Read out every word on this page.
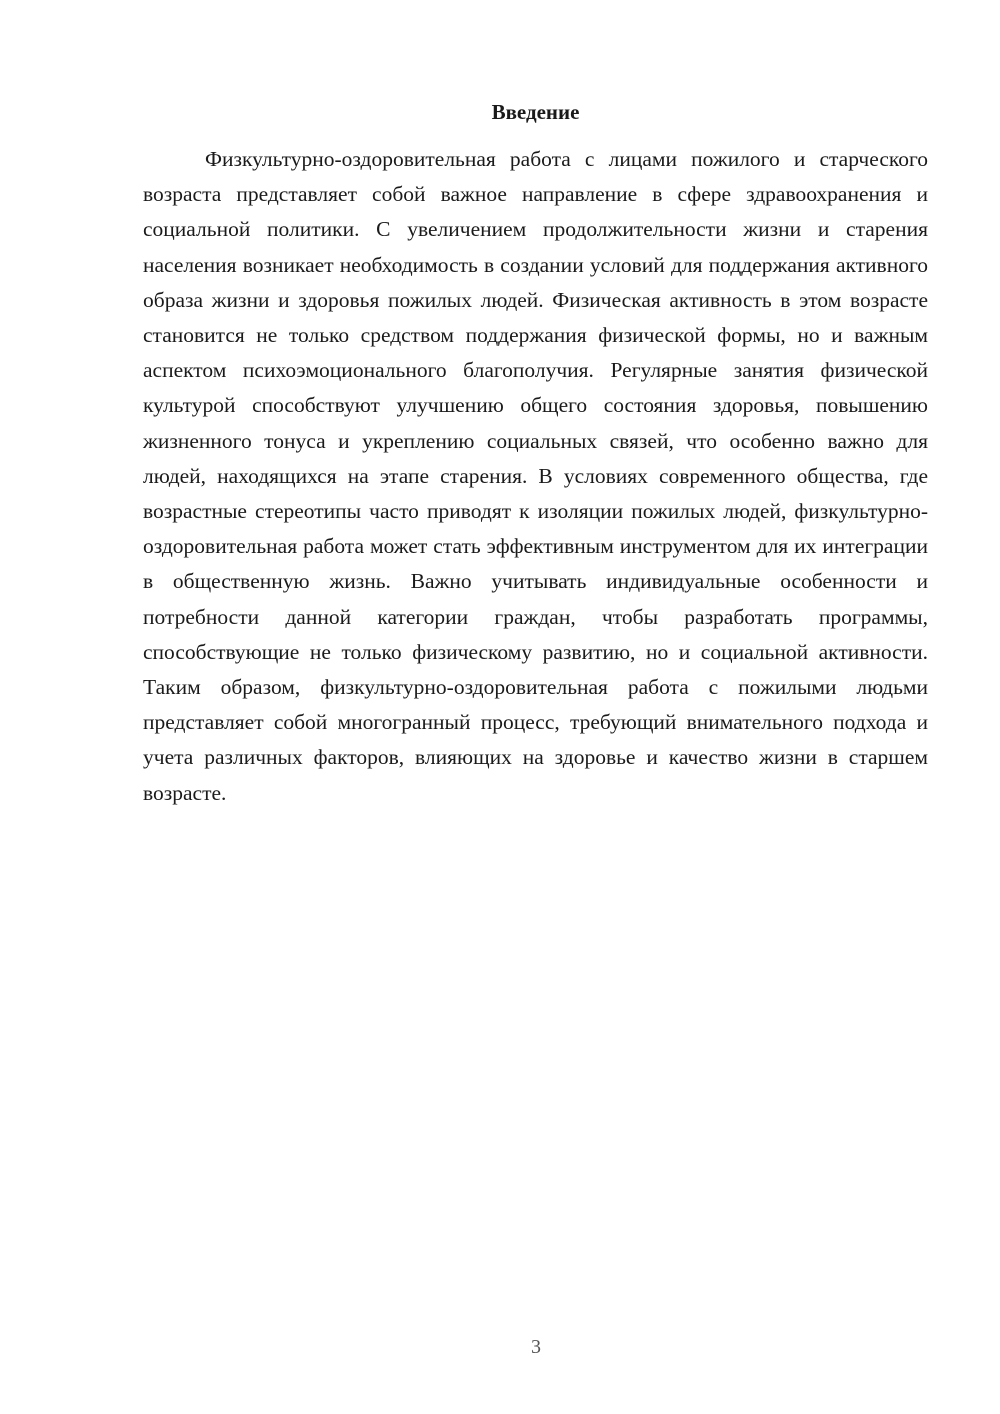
Введение

Физкультурно-оздоровительная работа с лицами пожилого и старческого возраста представляет собой важное направление в сфере здравоохранения и социальной политики. С увеличением продолжительности жизни и старения населения возникает необходимость в создании условий для поддержания активного образа жизни и здоровья пожилых людей. Физическая активность в этом возрасте становится не только средством поддержания физической формы, но и важным аспектом психоэмоционального благополучия. Регулярные занятия физической культурой способствуют улучшению общего состояния здоровья, повышению жизненного тонуса и укреплению социальных связей, что особенно важно для людей, находящихся на этапе старения. В условиях современного общества, где возрастные стереотипы часто приводят к изоляции пожилых людей, физкультурно-оздоровительная работа может стать эффективным инструментом для их интеграции в общественную жизнь. Важно учитывать индивидуальные особенности и потребности данной категории граждан, чтобы разработать программы, способствующие не только физическому развитию, но и социальной активности. Таким образом, физкультурно-оздоровительная работа с пожилыми людьми представляет собой многогранный процесс, требующий внимательного подхода и учета различных факторов, влияющих на здоровье и качество жизни в старшем возрасте.

3
